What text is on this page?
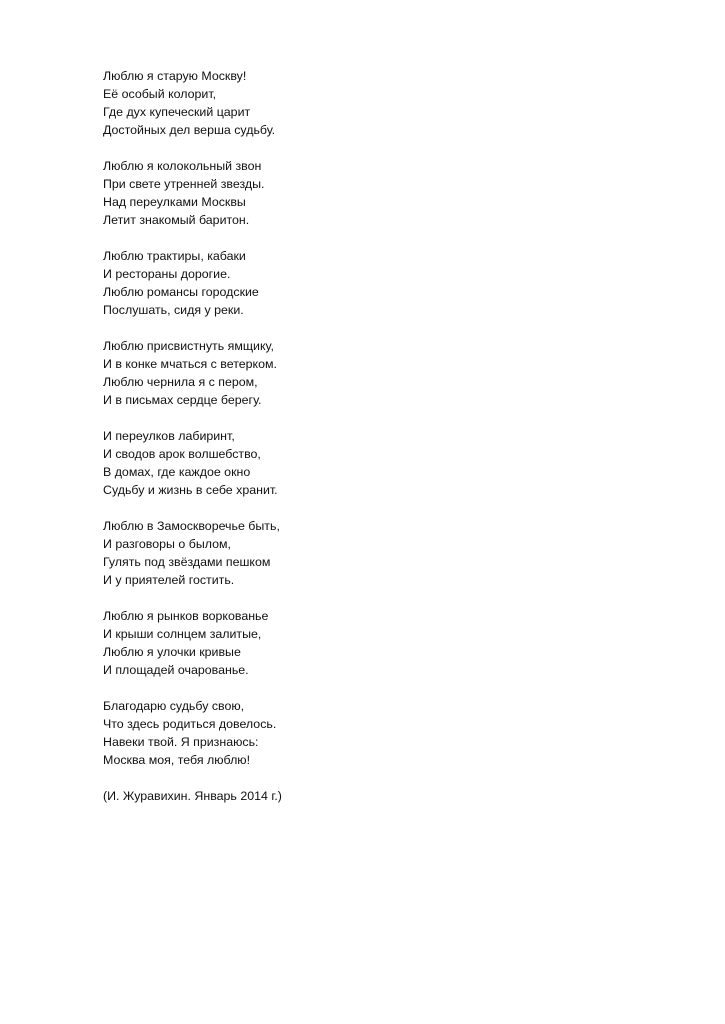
Люблю я старую Москву!
Её особый колорит,
Где дух купеческий царит
Достойных дел верша судьбу.
Люблю я колокольный звон
При свете утренней звезды.
Над переулками Москвы
Летит знакомый баритон.
Люблю трактиры, кабаки
И рестораны дорогие.
Люблю романсы городские
Послушать, сидя у реки.
Люблю присвистнуть ямщику,
И в конке мчаться с ветерком.
Люблю чернила я с пером,
И в письмах сердце берегу.
И переулков лабиринт,
И сводов арок волшебство,
В домах, где каждое окно
Судьбу и жизнь в себе хранит.
Люблю в Замоскворечье быть,
И разговоры о былом,
Гулять под звёздами пешком
И у приятелей гостить.
Люблю я рынков воркованье
И крыши солнцем залитые,
Люблю я улочки кривые
И площадей очарованье.
Благодарю судьбу свою,
Что здесь родиться довелось.
Навеки твой. Я признаюсь:
Москва моя, тебя люблю!
(И. Журавихин. Январь 2014 г.)
